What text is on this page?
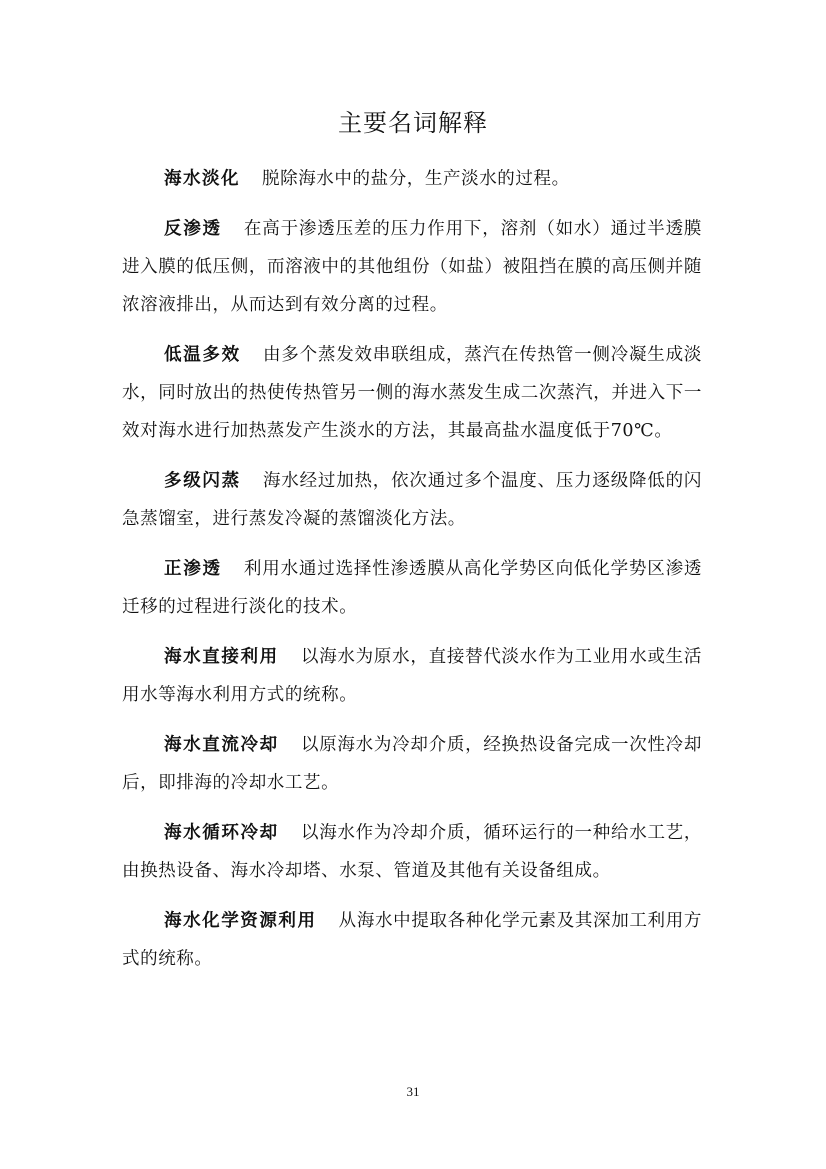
主要名词解释

海水淡化 脱除海水中的盐分，生产淡水的过程。

反渗透 在高于渗透压差的压力作用下，溶剂（如水）通过半透膜进入膜的低压侧，而溶液中的其他组份（如盐）被阻挡在膜的高压侧并随浓溶液排出，从而达到有效分离的过程。

低温多效 由多个蒸发效串联组成，蒸汽在传热管一侧冷凝生成淡水，同时放出的热使传热管另一侧的海水蒸发生成二次蒸汽，并进入下一效对海水进行加热蒸发产生淡水的方法，其最高盐水温度低于70℃。

多级闪蒸 海水经过加热，依次通过多个温度、压力逐级降低的闪急蒸馏室，进行蒸发冷凝的蒸馏淡化方法。

正渗透 利用水通过选择性渗透膜从高化学势区向低化学势区渗透迁移的过程进行淡化的技术。

海水直接利用 以海水为原水，直接替代淡水作为工业用水或生活用水等海水利用方式的统称。

海水直流冷却 以原海水为冷却介质，经换热设备完成一次性冷却后，即排海的冷却水工艺。

海水循环冷却 以海水作为冷却介质，循环运行的一种给水工艺，由换热设备、海水冷却塔、水泵、管道及其他有关设备组成。

海水化学资源利用 从海水中提取各种化学元素及其深加工利用方式的统称。

31
